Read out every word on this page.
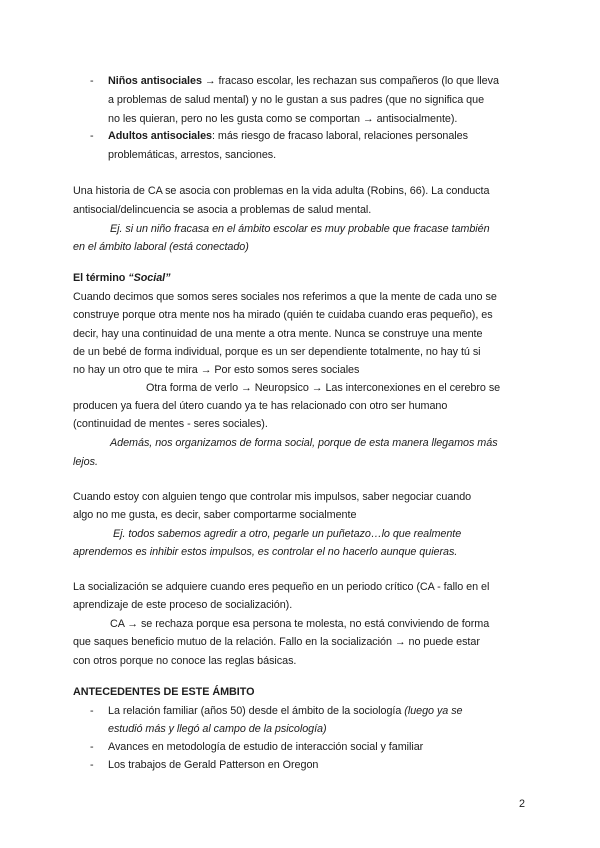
- Niños antisociales → fracaso escolar, les rechazan sus compañeros (lo que lleva
a problemas de salud mental) y no le gustan a sus padres (que no significa que
no les quieran, pero no les gusta como se comportan → antisocialmente).
- Adultos antisociales: más riesgo de fracaso laboral, relaciones personales
problemáticas, arrestos, sanciones.
Una historia de CA se asocia con problemas en la vida adulta (Robins, 66). La conducta
antisocial/delincuencia se asocia a problemas de salud mental.
Ej. si un niño fracasa en el ámbito escolar es muy probable que fracase también
en el ámbito laboral (está conectado)
El término “Social”
Cuando decimos que somos seres sociales nos referimos a que la mente de cada uno se
construye porque otra mente nos ha mirado (quién te cuidaba cuando eras pequeño), es
decir, hay una continuidad de una mente a otra mente. Nunca se construye una mente
de un bebé de forma individual, porque es un ser dependiente totalmente, no hay tú si
no hay un otro que te mira → Por esto somos seres sociales
Otra forma de verlo → Neuropsico → Las interconexiones en el cerebro se
producen ya fuera del útero cuando ya te has relacionado con otro ser humano
(continuidad de mentes - seres sociales).
Además, nos organizamos de forma social, porque de esta manera llegamos más
lejos.
Cuando estoy con alguien tengo que controlar mis impulsos, saber negociar cuando
algo no me gusta, es decir, saber comportarme socialmente
Ej. todos sabemos agredir a otro, pegarle un puñetazo…lo que realmente
aprendemos es inhibir estos impulsos, es controlar el no hacerlo aunque quieras.
La socialización se adquiere cuando eres pequeño en un periodo crítico (CA - fallo en el
aprendizaje de este proceso de socialización).
CA → se rechaza porque esa persona te molesta, no está conviviendo de forma
que saques beneficio mutuo de la relación. Fallo en la socialización → no puede estar
con otros porque no conoce las reglas básicas.
ANTECEDENTES DE ESTE ÁMBITO
- La relación familiar (años 50) desde el ámbito de la sociología (luego ya se
estudió más y llegó al campo de la psicología)
- Avances en metodología de estudio de interacción social y familiar
- Los trabajos de Gerald Patterson en Oregon
2
